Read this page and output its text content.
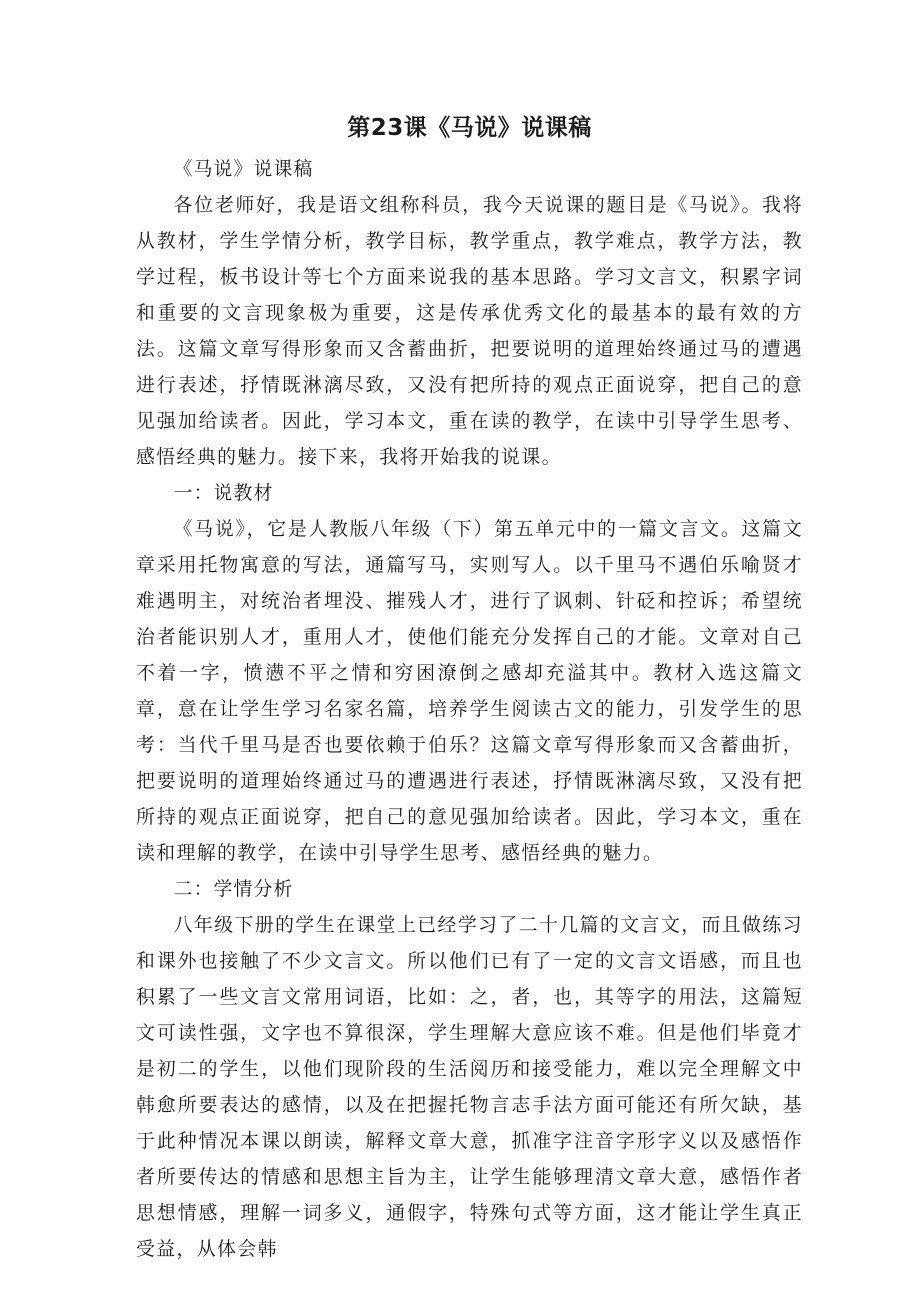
第23课《马说》说课稿

《马说》说课稿

各位老师好，我是语文组称科员，我今天说课的题目是《马说》。我将从教材，学生学情分析，教学目标，教学重点，教学难点，教学方法，教学过程，板书设计等七个方面来说我的基本思路。学习文言文，积累字词和重要的文言现象极为重要，这是传承优秀文化的最基本的最有效的方法。这篇文章写得形象而又含蓄曲折，把要说明的道理始终通过马的遭遇进行表述，抒情既淋漓尽致，又没有把所持的观点正面说穿，把自己的意见强加给读者。因此，学习本文，重在读的教学，在读中引导学生思考、感悟经典的魅力。接下来，我将开始我的说课。

一：说教材

《马说》，它是人教版八年级（下）第五单元中的一篇文言文。这篇文章采用托物寓意的写法，通篇写马，实则写人。以千里马不遇伯乐喻贤才难遇明主，对统治者埋没、摧残人才，进行了讽刺、针砭和控诉；希望统治者能识别人才，重用人才，使他们能充分发挥自己的才能。文章对自己不着一字，愤懑不平之情和穷困潦倒之感却充溢其中。教材入选这篇文章，意在让学生学习名家名篇，培养学生阅读古文的能力，引发学生的思考：当代千里马是否也要依赖于伯乐？这篇文章写得形象而又含蓄曲折，把要说明的道理始终通过马的遭遇进行表述，抒情既淋漓尽致，又没有把所持的观点正面说穿，把自己的意见强加给读者。因此，学习本文，重在读和理解的教学，在读中引导学生思考、感悟经典的魅力。

二：学情分析

八年级下册的学生在课堂上已经学习了二十几篇的文言文，而且做练习和课外也接触了不少文言文。所以他们已有了一定的文言文语感，而且也积累了一些文言文常用词语，比如：之，者，也，其等字的用法，这篇短文可读性强，文字也不算很深，学生理解大意应该不难。但是他们毕竟才是初二的学生，以他们现阶段的生活阅历和接受能力，难以完全理解文中韩愈所要表达的感情，以及在把握托物言志手法方面可能还有所欠缺，基于此种情况本课以朗读，解释文章大意，抓准字注音字形字义以及感悟作者所要传达的情感和思想主旨为主，让学生能够理清文章大意，感悟作者思想情感，理解一词多义，通假字，特殊句式等方面，这才能让学生真正受益，从体会韩
